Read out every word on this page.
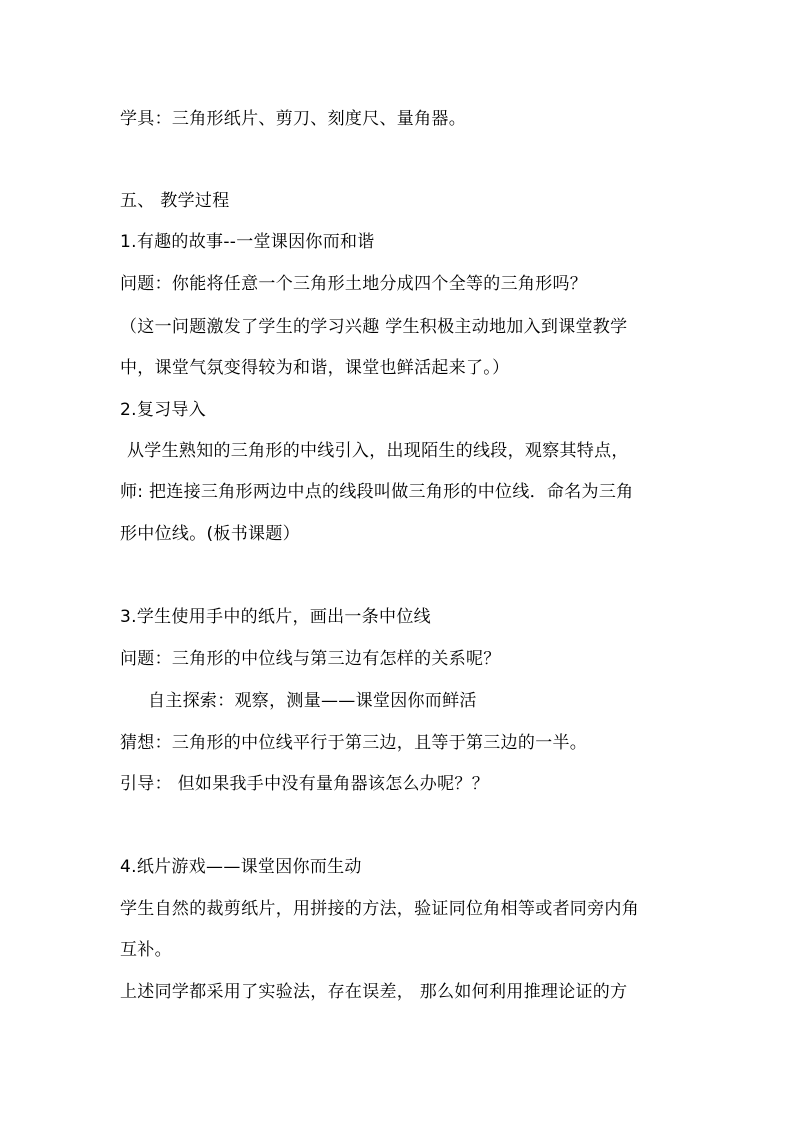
学具：三角形纸片、剪刀、刻度尺、量角器。
五、 教学过程
1.有趣的故事--一堂课因你而和谐
问题：你能将任意一个三角形土地分成四个全等的三角形吗？
（这一问题激发了学生的学习兴趣 学生积极主动地加入到课堂教学
中，课堂气氛变得较为和谐，课堂也鲜活起来了。）
2.复习导入
从学生熟知的三角形的中线引入，出现陌生的线段，观察其特点，
师: 把连接三角形两边中点的线段叫做三角形的中位线．命名为三角
形中位线。(板书课题）
3.学生使用手中的纸片，画出一条中位线
问题：三角形的中位线与第三边有怎样的关系呢？
自主探索：观察，测量——课堂因你而鲜活
猜想：三角形的中位线平行于第三边，且等于第三边的一半。
引导： 但如果我手中没有量角器该怎么办呢？？
4.纸片游戏——课堂因你而生动
学生自然的裁剪纸片，用拼接的方法，验证同位角相等或者同旁内角
互补。
上述同学都采用了实验法，存在误差， 那么如何利用推理论证的方
